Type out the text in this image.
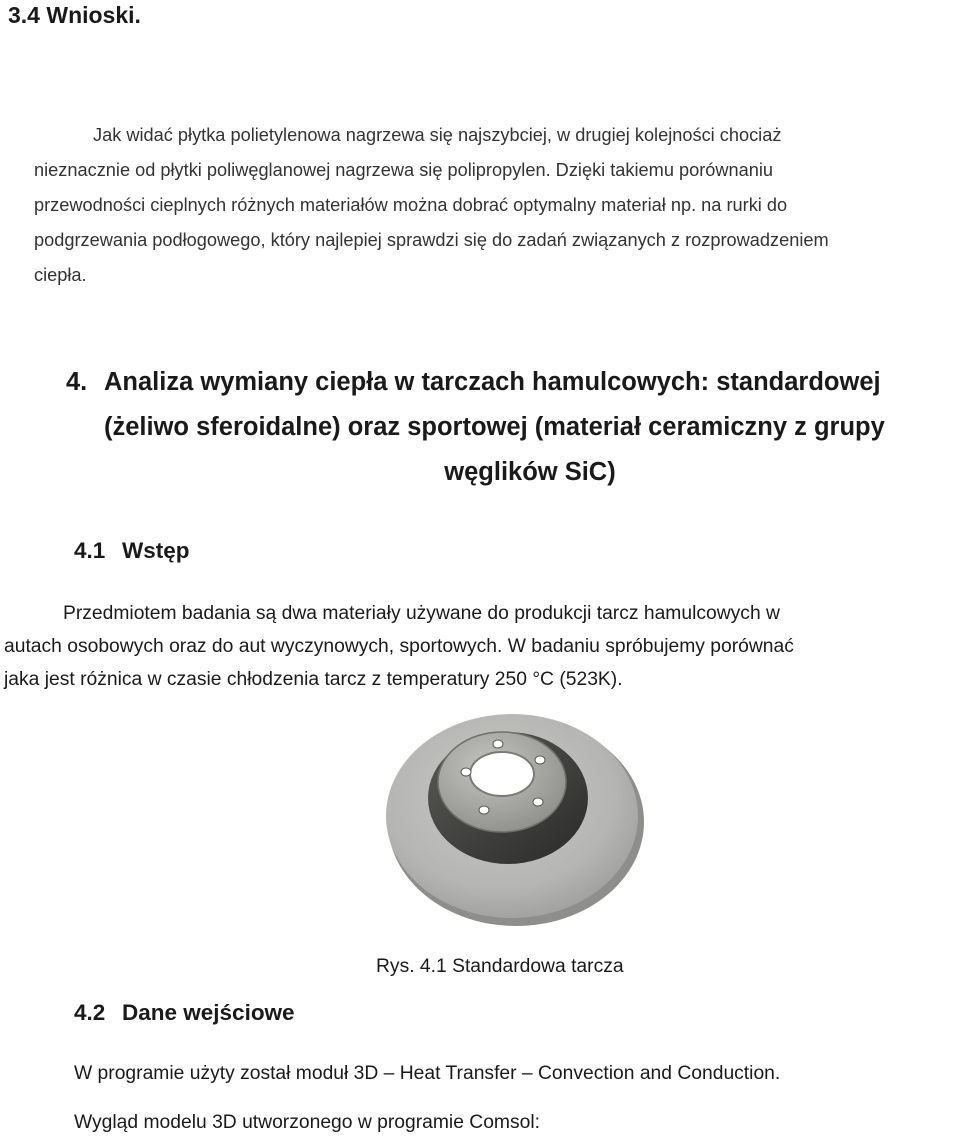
3.4 Wnioski.
Jak widać płytka polietylenowa nagrzewa się najszybciej, w drugiej kolejności chociaż
nieznacznie od płytki poliwęglanowej nagrzewa się polipropylen. Dzięki takiemu porównaniu
przewodności cieplnych różnych materiałów można dobrać optymalny materiał np. na rurki do
podgrzewania podłogowego, który najlepiej sprawdzi się do zadań związanych z rozprowadzeniem
ciepła.
4. Analiza wymiany ciepła w tarczach hamulcowych: standardowej
(żeliwo sferoidalne) oraz sportowej (materiał ceramiczny z grupy
węglików SiC)
4.1 Wstęp
Przedmiotem badania są dwa materiały używane do produkcji tarcz hamulcowych w
autach osobowych oraz do aut wyczynowych, sportowych. W badaniu spróbujemy porównać
jaka jest różnica w czasie chłodzenia tarcz z temperatury 250 °C (523K).
Rys. 4.1 Standardowa tarcza
4.2 Dane wejściowe
W programie użyty został moduł 3D – Heat Transfer – Convection and Conduction.
Wygląd modelu 3D utworzonego w programie Comsol:
